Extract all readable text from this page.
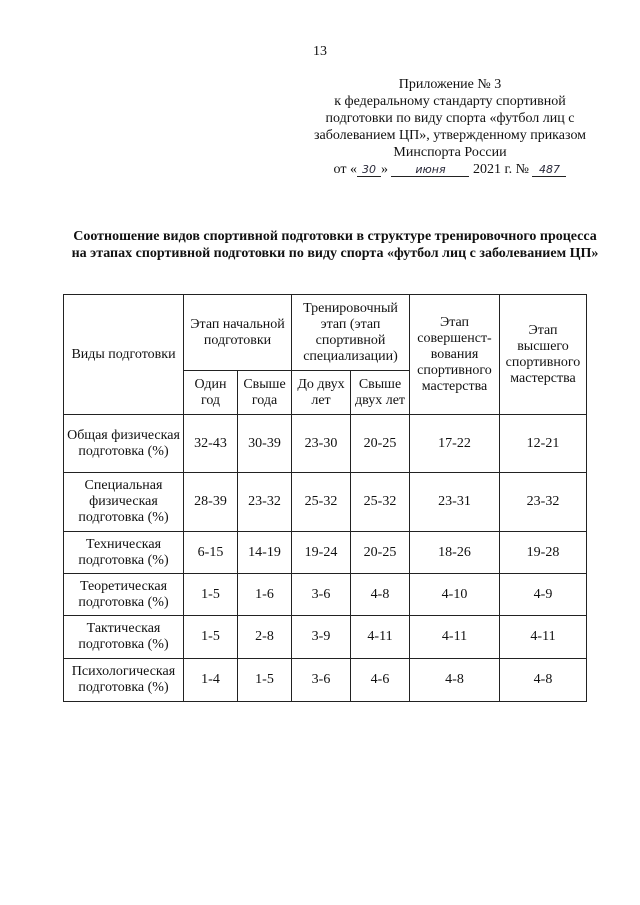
13
Приложение № 3
к федеральному стандарту спортивной
подготовки по виду спорта «футбол лиц с
заболеванием ЦП», утвержденному приказом
Минспорта России
от « 30 » июня 2021 г. № 487
Соотношение видов спортивной подготовки в структуре тренировочного процесса на этапах спортивной подготовки по виду спорта «футбол лиц с заболеванием ЦП»
Виды подготовки	Этап начальной подготовки		Тренировочный этап (этап спортивной специализации)		Этап совершенст-вования спортивного мастерства	Этап высшего спортивного мастерства
	Один год	Свыше года	До двух лет	Свыше двух лет		
Общая физическая подготовка (%)	32-43	30-39	23-30	20-25	17-22	12-21
Специальная физическая подготовка (%)	28-39	23-32	25-32	25-32	23-31	23-32
Техническая подготовка (%)	6-15	14-19	19-24	20-25	18-26	19-28
Теоретическая подготовка (%)	1-5	1-6	3-6	4-8	4-10	4-9
Тактическая подготовка (%)	1-5	2-8	3-9	4-11	4-11	4-11
Психологическая подготовка (%)	1-4	1-5	3-6	4-6	4-8	4-8
